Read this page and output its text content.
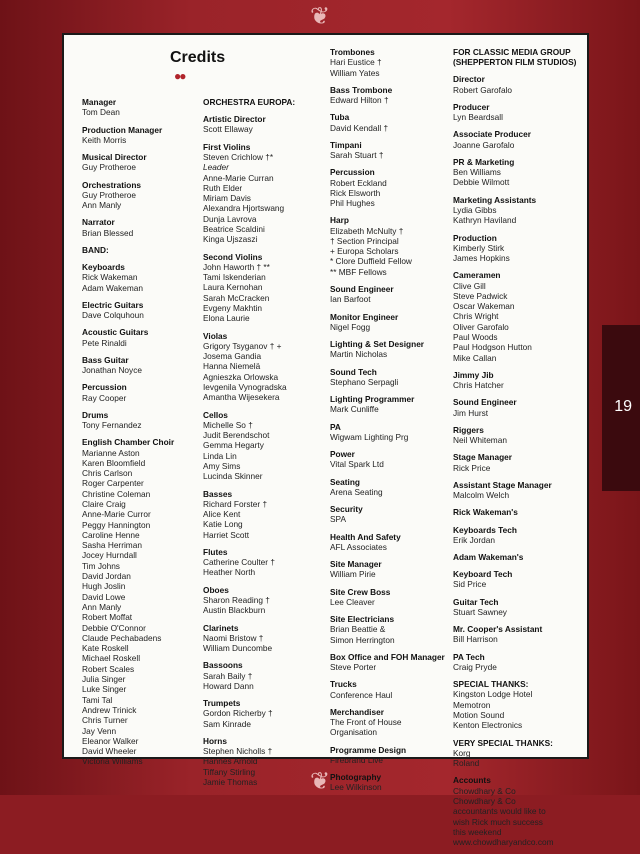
❦
❦
19
Credits
●●
Manager
Tom Dean
Production Manager
Keith Morris
Musical Director
Guy Protheroe
Orchestrations
Guy Protheroe
Ann Manly
Narrator
Brian Blessed
BAND:
Keyboards
Rick Wakeman
Adam Wakeman
Electric Guitars
Dave Colquhoun
Acoustic Guitars
Pete Rinaldi
Bass Guitar
Jonathan Noyce
Percussion
Ray Cooper
Drums
Tony Fernandez
English Chamber Choir
Marianne Aston
Karen Bloomfield
Chris Carlson
Roger Carpenter
Christine Coleman
Claire Craig
Anne-Marie Curror
Peggy Hannington
Caroline Henne
Sasha Herriman
Jocey Hurndall
Tim Johns
David Jordan
Hugh Joslin
David Lowe
Ann Manly
Robert Moffat
Debbie O'Connor
Claude Pechabadens
Kate Roskell
Michael Roskell
Robert Scales
Julia Singer
Luke Singer
Tami Tal
Andrew Trinick
Chris Turner
Jay Venn
Eleanor Walker
David Wheeler
Victoria Williams
ORCHESTRA EUROPA:
Artistic Director
Scott Ellaway
First Violins
Steven Crichlow †*
Leader
Anne-Marie Curran
Ruth Elder
Miriam Davis
Alexandra Hjortswang
Dunja Lavrova
Beatrice Scaldini
Kinga Ujszaszi
Second Violins
John Haworth † **
Tami Iskenderian
Laura Kernohan
Sarah McCracken
Evgeny Makhtin
Elona Laurie
Violas
Grigory Tsyganov † +
Josema Gandia
Hanna Niemelä
Agnieszka Orlowska
Ievgenila Vynogradska
Amantha Wijesekera
Cellos
Michelle So †
Judit Berendschot
Gemma Hegarty
Linda Lin
Amy Sims
Lucinda Skinner
Basses
Richard Forster †
Alice Kent
Katie Long
Harriet Scott
Flutes
Catherine Coulter †
Heather North
Oboes
Sharon Reading †
Austin Blackburn
Clarinets
Naomi Bristow †
William Duncombe
Bassoons
Sarah Baily †
Howard Dann
Trumpets
Gordon Richerby †
Sam Kinrade
Horns
Stephen Nicholls †
Hannes Arnold
Tiffany Stirling
Jamie Thomas
Trombones
Hari Eustice †
William Yates
Bass Trombone
Edward Hilton †
Tuba
David Kendall †
Timpani
Sarah Stuart †
Percussion
Robert Eckland
Rick Elsworth
Phil Hughes
Harp
Elizabeth McNulty †
† Section Principal
+ Europa Scholars
* Clore Duffield Fellow
** MBF Fellows
Sound Engineer
Ian Barfoot
Monitor Engineer
Nigel Fogg
Lighting & Set Designer
Martin Nicholas
Sound Tech
Stephano Serpagli
Lighting Programmer
Mark Cunliffe
PA
Wigwam Lighting Prg
Power
Vital Spark Ltd
Seating
Arena Seating
Security
SPA
Health And Safety
AFL Associates
Site Manager
William Pirie
Site Crew Boss
Lee Cleaver
Site Electricians
Brian Beattie &
Simon Herrington
Box Office and FOH Manager
Steve Porter
Trucks
Conference Haul
Merchandiser
The Front of House
Organisation
Programme Design
Firebrand Live
Photography
Lee Wilkinson
FOR CLASSIC MEDIA GROUP (SHEPPERTON FILM STUDIOS)
Director
Robert Garofalo
Producer
Lyn Beardsall
Associate Producer
Joanne Garofalo
PR & Marketing
Ben Williams
Debbie Wilmott
Marketing Assistants
Lydia Gibbs
Kathryn Haviland
Production
Kimberly Stirk
James Hopkins
Cameramen
Clive Gill
Steve Padwick
Oscar Wakeman
Chris Wright
Oliver Garofalo
Paul Woods
Paul Hodgson Hutton
Mike Callan
Jimmy Jib
Chris Hatcher
Sound Engineer
Jim Hurst
Riggers
Neil Whiteman
Stage Manager
Rick Price
Assistant Stage Manager
Malcolm Welch
Rick Wakeman's
Keyboards Tech
Erik Jordan
Adam Wakeman's
Keyboard Tech
Sid Price
Guitar Tech
Stuart Sawney
Mr. Cooper's Assistant
Bill Harrison
PA Tech
Craig Pryde
SPECIAL THANKS:
Kingston Lodge Hotel
Memotron
Motion Sound
Kenton Electronics
VERY SPECIAL THANKS:
Korg
Roland
Accounts
Chowdhary & Co
Chowdhary & Co
accountants would like to
wish Rick much success
this weekend
www.chowdharyandco.com
